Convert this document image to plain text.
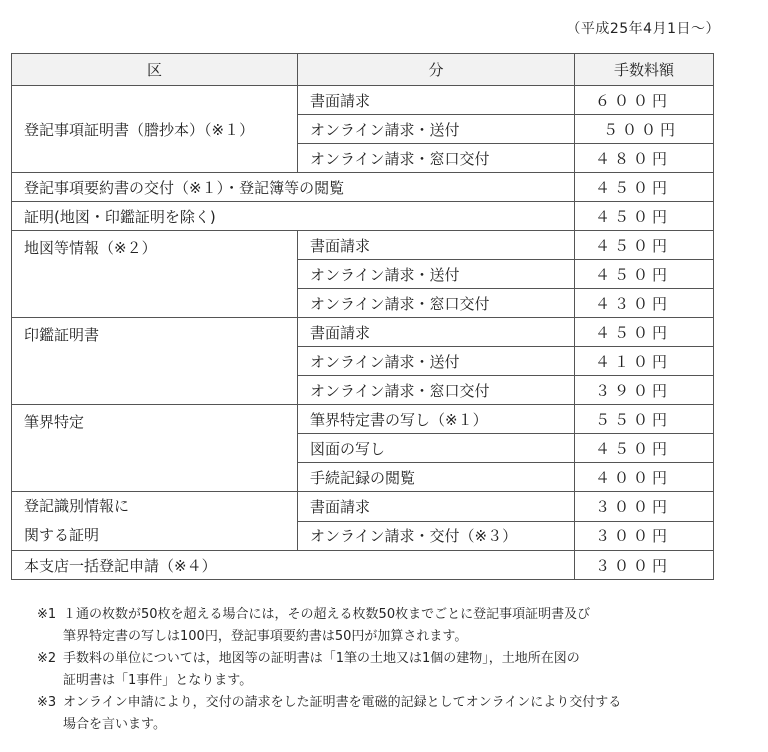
（平成25年4月1日～）
区	分	手数料額
登記事項証明書（謄抄本）（※１）	書面請求	６００円
	オンライン請求・送付	５００円
	オンライン請求・窓口交付	４８０円
登記事項要約書の交付（※１）・登記簿等の閲覧		４５０円
証明(地図・印鑑証明を除く)		４５０円
地図等情報（※２）	書面請求	４５０円
	オンライン請求・送付	４５０円
	オンライン請求・窓口交付	４３０円
印鑑証明書	書面請求	４５０円
	オンライン請求・送付	４１０円
	オンライン請求・窓口交付	３９０円
筆界特定	筆界特定書の写し（※１）	５５０円
	図面の写し	４５０円
	手続記録の閲覧	４００円

登記識別情報に
関する証明	書面請求	３００円
	オンライン請求・交付（※３）	３００円
本支店一括登記申請（※４）		３００円
※1 １通の枚数が50枚を超える場合には，その超える枚数50枚までごとに登記事項証明書及び
筆界特定書の写しは100円，登記事項要約書は50円が加算されます。
※2 手数料の単位については，地図等の証明書は「1筆の土地又は1個の建物」，土地所在図の
証明書は「1事件」となります。
※3 オンライン申請により，交付の請求をした証明書を電磁的記録としてオンラインにより交付する
場合を言います。
